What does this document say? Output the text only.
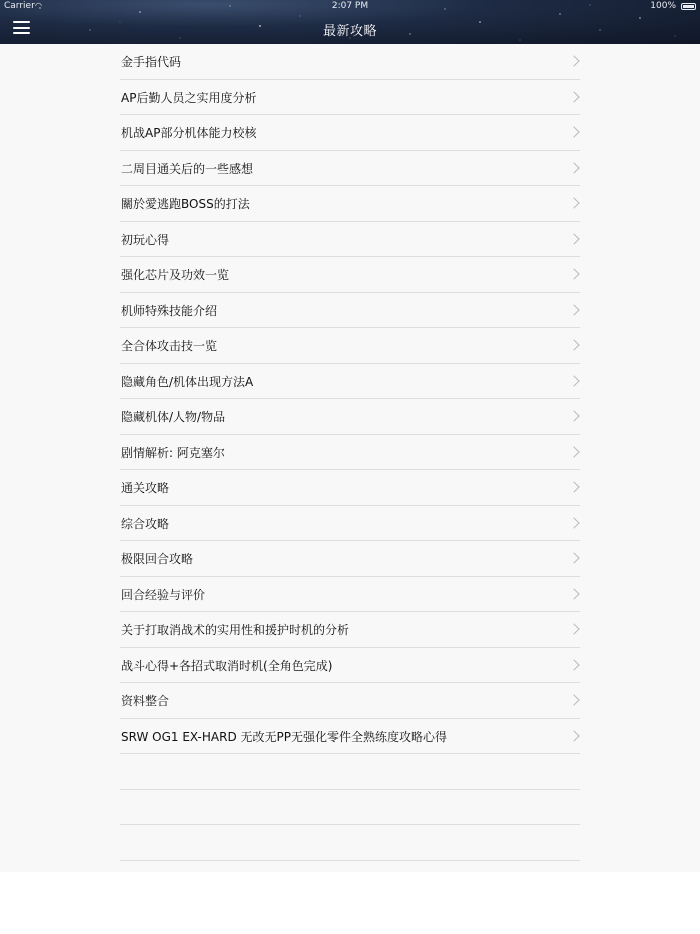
Carrier ◠	2:07 PM	100%
最新攻略
金手指代码
AP后勤人员之实用度分析
机战AP部分机体能力校核
二周目通关后的一些感想
關於愛逃跑BOSS的打法
初玩心得
强化芯片及功效一览
机师特殊技能介绍
全合体攻击技一览
隐藏角色/机体出现方法A
隐藏机体/人物/物品
剧情解析: 阿克塞尔
通关攻略
综合攻略
极限回合攻略
回合经验与评价
关于打取消战术的实用性和援护时机的分析
战斗心得+各招式取消时机(全角色完成)
资料整合
SRW OG1 EX-HARD 无改无PP无强化零件全熟练度攻略心得
